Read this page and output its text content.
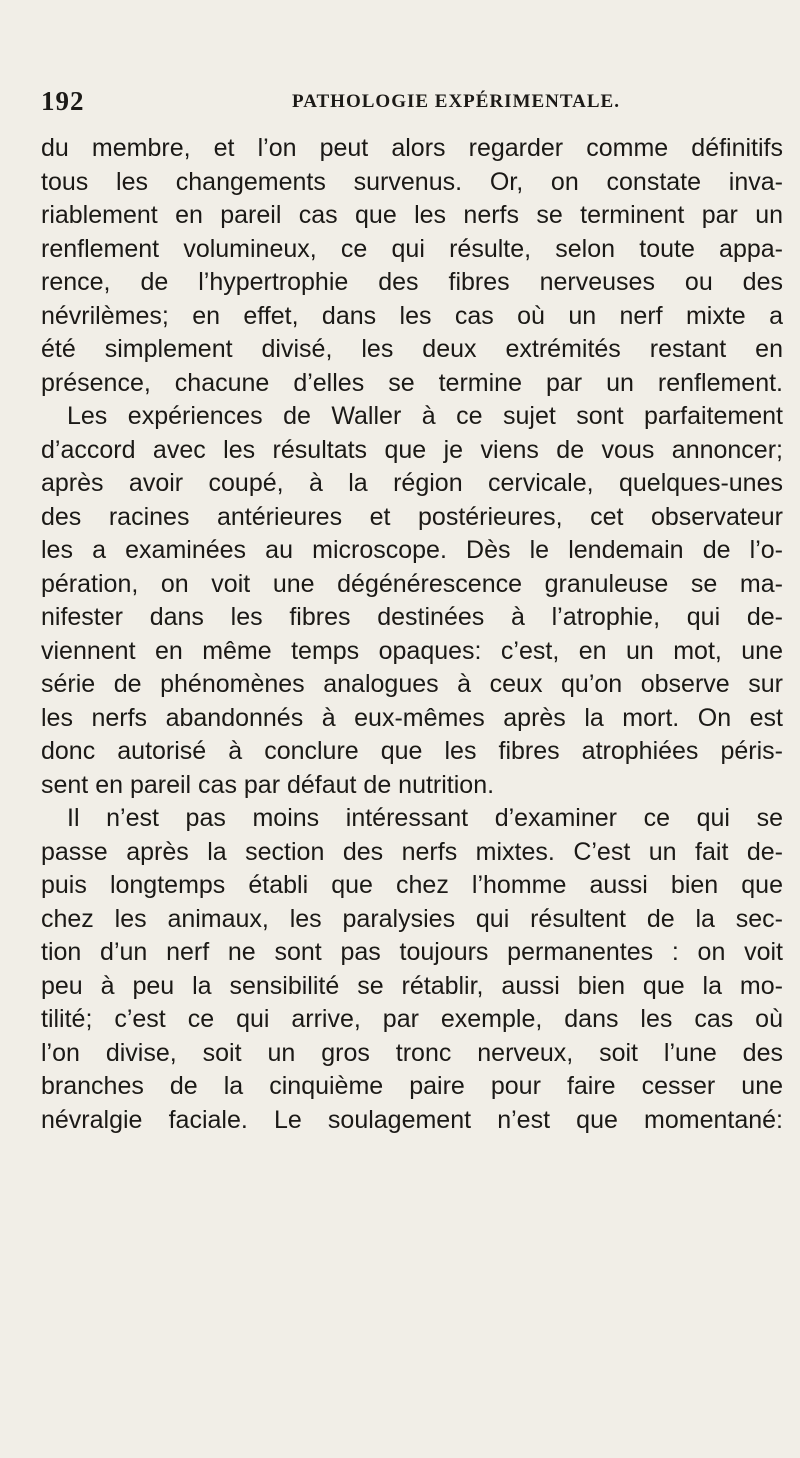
192	PATHOLOGIE EXPÉRIMENTALE.
du membre, et l’on peut alors regarder comme définitifs
tous les changements survenus. Or, on constate inva-
riablement en pareil cas que les nerfs se terminent par un
renflement volumineux, ce qui résulte, selon toute appa-
rence, de l’hypertrophie des fibres nerveuses ou des
névrilèmes; en effet, dans les cas où un nerf mixte a
été simplement divisé, les deux extrémités restant en
présence, chacune d’elles se termine par un renflement.
Les expériences de Waller à ce sujet sont parfaitement
d’accord avec les résultats que je viens de vous annoncer;
après avoir coupé, à la région cervicale, quelques-unes
des racines antérieures et postérieures, cet observateur
les a examinées au microscope. Dès le lendemain de l’o-
pération, on voit une dégénérescence granuleuse se ma-
nifester dans les fibres destinées à l’atrophie, qui de-
viennent en même temps opaques: c’est, en un mot, une
série de phénomènes analogues à ceux qu’on observe sur
les nerfs abandonnés à eux-mêmes après la mort. On est
donc autorisé à conclure que les fibres atrophiées péris-
sent en pareil cas par défaut de nutrition.
Il n’est pas moins intéressant d’examiner ce qui se
passe après la section des nerfs mixtes. C’est un fait de-
puis longtemps établi que chez l’homme aussi bien que
chez les animaux, les paralysies qui résultent de la sec-
tion d’un nerf ne sont pas toujours permanentes : on voit
peu à peu la sensibilité se rétablir, aussi bien que la mo-
tilité; c’est ce qui arrive, par exemple, dans les cas où
l’on divise, soit un gros tronc nerveux, soit l’une des
branches de la cinquième paire pour faire cesser une
névralgie faciale. Le soulagement n’est que momentané:
